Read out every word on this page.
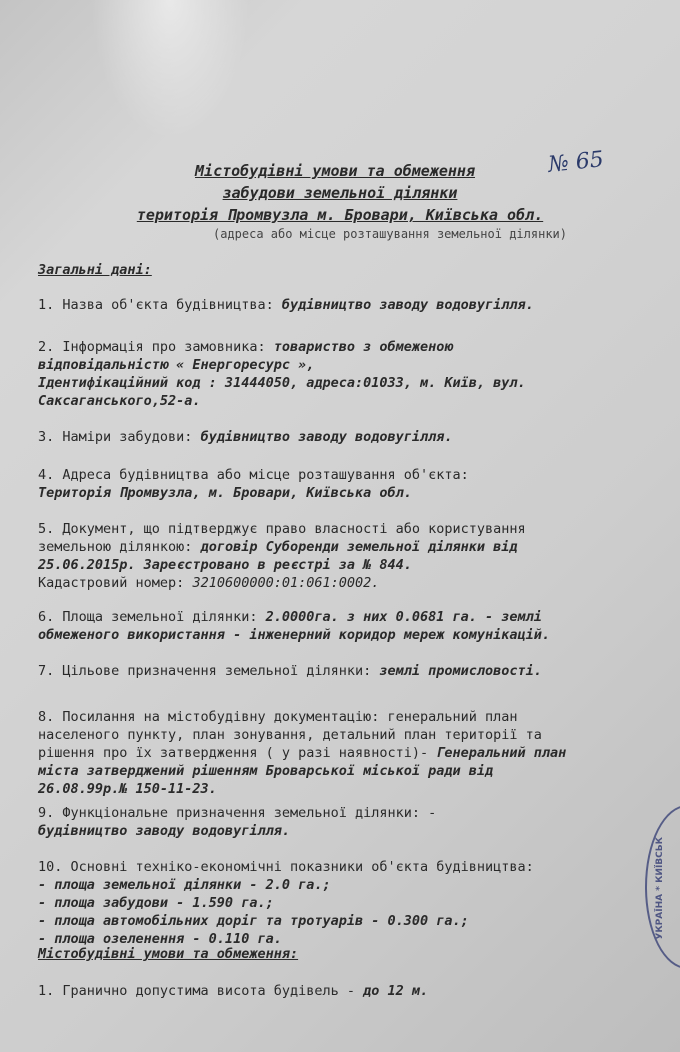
№ 65
Містобудівні умови та обмеження
забудови земельної ділянки
територія Промвузла м. Бровари, Київська обл.
(адреса або місце розташування земельної ділянки)
Загальні дані:
1. Назва об'єкта будівництва: будівництво заводу водовугілля.
2. Інформація про замовника: товариство з обмеженою
відповідальністю « Енергоресурс »,
Ідентифікаційний код : 31444050, адреса:01033, м. Київ, вул.
Саксаганського,52-а.
3. Наміри забудови: будівництво заводу водовугілля.
4. Адреса будівництва або місце розташування об'єкта:
Територія Промвузла, м. Бровари, Київська обл.
5. Документ, що підтверджує право власності або користування
земельною ділянкою: договір Суборенди земельної ділянки від
25.06.2015р. Зареєстровано в реєстрі за № 844.
Кадастровий номер: 3210600000:01:061:0002.
6. Площа земельної ділянки: 2.0000га. з них 0.0681 га. - землі
обмеженого використання - інженерний коридор мереж комунікацій.
7. Цільове призначення земельної ділянки: землі промисловості.
8. Посилання на містобудівну документацію: генеральний план
населеного пункту, план зонування, детальний план території та
рішення про їх затвердження ( у разі наявності)- Генеральний план
міста затверджений рішенням Броварської міської ради від
26.08.99р.№ 150-11-23.
9. Функціональне призначення земельної ділянки: -
будівництво заводу водовугілля.
10. Основні техніко-економічні показники об'єкта будівництва:
- площа земельної ділянки - 2.0 га.;
- площа забудови - 1.590 га.;
- площа автомобільних доріг та тротуарів - 0.300 га.;
- площа озеленення - 0.110 га.
Містобудівні умови та обмеження:
1. Гранично допустима висота будівель - до 12 м.
УКРАЇНА * КИЇВСЬК
